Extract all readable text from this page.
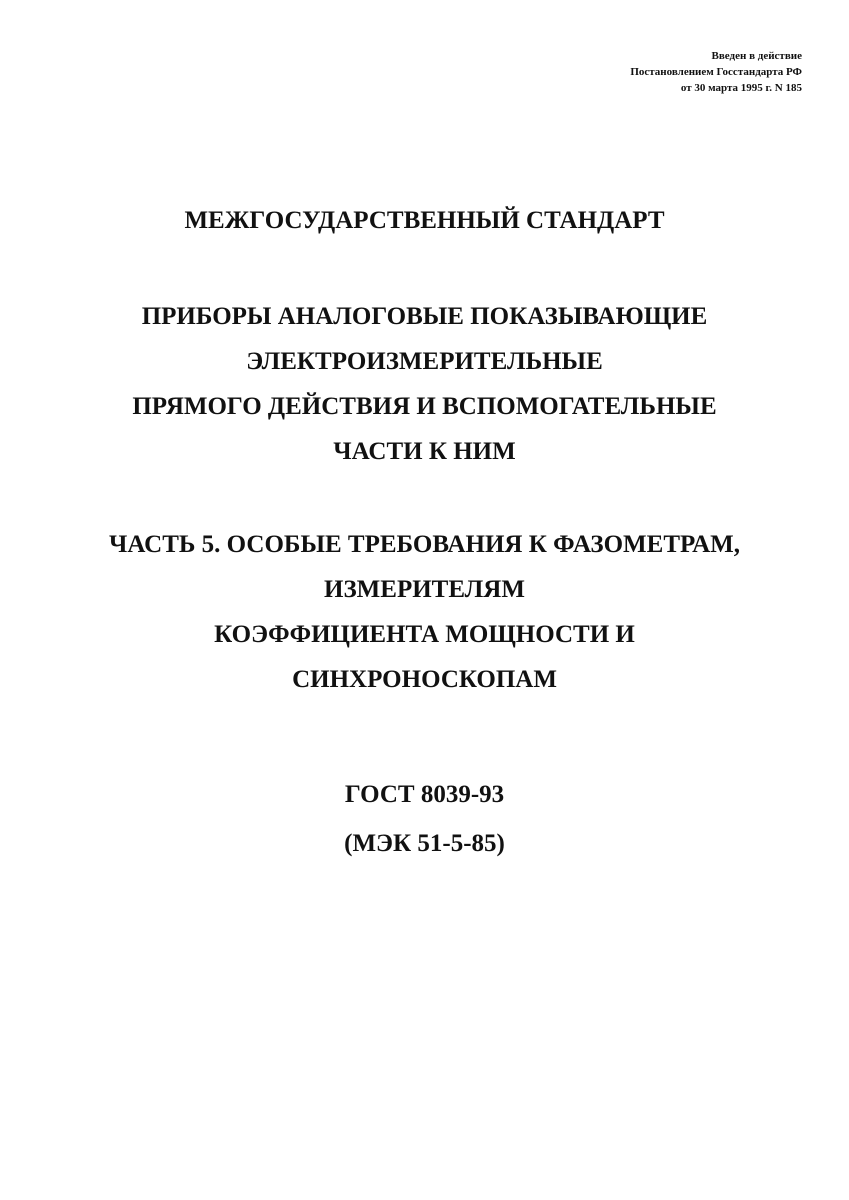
Введен в действие
Постановлением Госстандарта РФ
от 30 марта 1995 г. N 185
МЕЖГОСУДАРСТВЕННЫЙ СТАНДАРТ
ПРИБОРЫ АНАЛОГОВЫЕ ПОКАЗЫВАЮЩИЕ
ЭЛЕКТРОИЗМЕРИТЕЛЬНЫЕ
ПРЯМОГО ДЕЙСТВИЯ И ВСПОМОГАТЕЛЬНЫЕ
ЧАСТИ К НИМ
ЧАСТЬ 5. ОСОБЫЕ ТРЕБОВАНИЯ К ФАЗОМЕТРАМ,
ИЗМЕРИТЕЛЯМ
КОЭФФИЦИЕНТА МОЩНОСТИ И
СИНХРОНОСКОПАМ
ГОСТ 8039-93
(МЭК 51-5-85)
